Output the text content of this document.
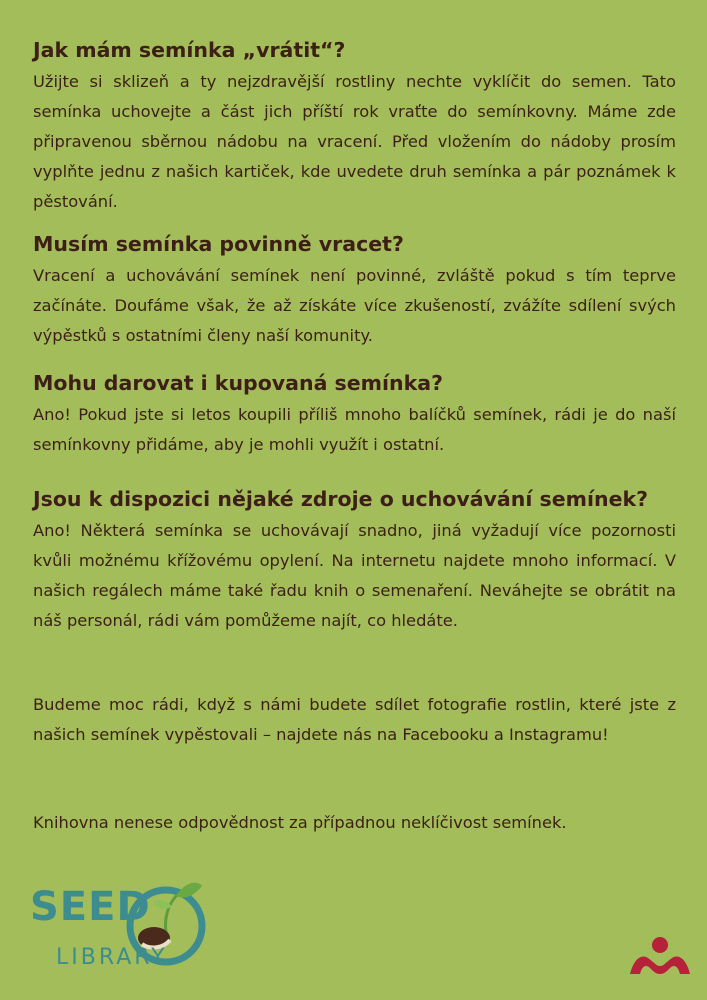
Jak mám semínka „vrátit“?

Užijte si sklizeň a ty nejzdravější rostliny nechte vyklíčit do semen. Tato semínka uchovejte a část jich příští rok vraťte do semínkovny. Máme zde připravenou sběrnou nádobu na vracení. Před vložením do nádoby prosím vyplňte jednu z našich kartiček, kde uvedete druh semínka a pár poznámek k pěstování.

Musím semínka povinně vracet?

Vracení a uchovávání semínek není povinné, zvláště pokud s tím teprve začínáte. Doufáme však, že až získáte více zkušeností, zvážíte sdílení svých výpěstků s ostatními členy naší komunity.

Mohu darovat i kupovaná semínka?

Ano! Pokud jste si letos koupili příliš mnoho balíčků semínek, rádi je do naší semínkovny přidáme, aby je mohli využít i ostatní.

Jsou k dispozici nějaké zdroje o uchovávání semínek?

Ano! Některá semínka se uchovávají snadno, jiná vyžadují více pozornosti kvůli možnému křížovému opylení. Na internetu najdete mnoho informací. V našich regálech máme také řadu knih o semenaření. Neváhejte se obrátit na náš personál, rádi vám pomůžeme najít, co hledáte.

Budeme moc rádi, když s námi budete sdílet fotografie rostlin, které jste z našich semínek vypěstovali – najdete nás na Facebooku a Instagramu!

Knihovna nenese odpovědnost za případnou neklíčivost semínek.

SEED
LIBRARY
